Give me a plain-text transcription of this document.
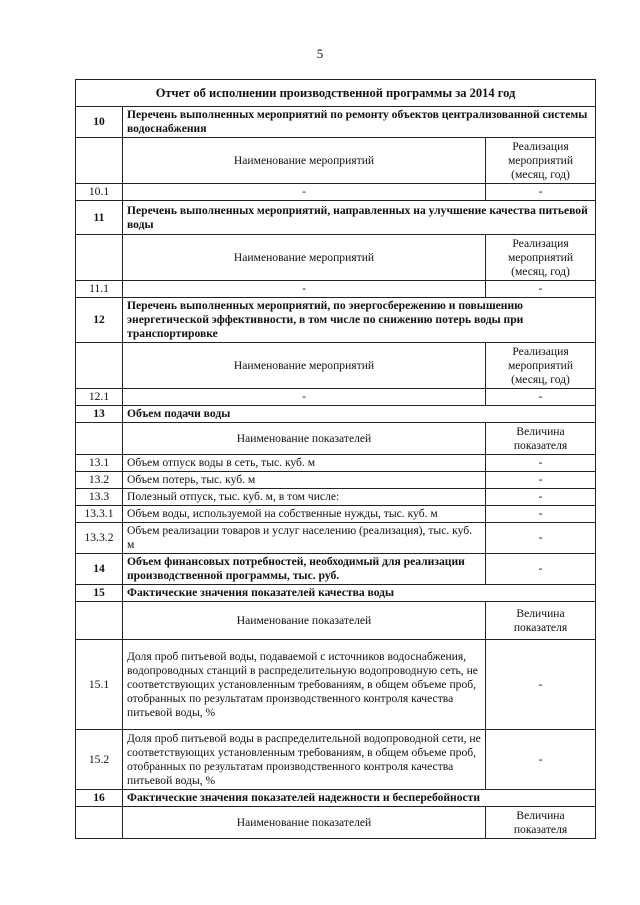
5
Отчет об исполнении производственной программы за 2014 год		
10	Перечень выполненных мероприятий по ремонту объектов централизованной системы водоснабжения	
	Наименование мероприятий	Реализация мероприятий (месяц, год)
10.1	-	-
11	Перечень выполненных мероприятий, направленных на улучшение качества питьевой воды	
	Наименование мероприятий	Реализация мероприятий (месяц, год)
11.1	-	-
12	Перечень выполненных мероприятий, по энергосбережению и повышению энергетической эффективности, в том числе по снижению потерь воды при транспортировке	
	Наименование мероприятий	Реализация мероприятий (месяц, год)
12.1	-	-
13	Объем подачи воды	
	Наименование показателей	Величина показателя
13.1	Объем отпуск воды в сеть, тыс. куб. м	-
13.2	Объем потерь, тыс. куб. м	-
13.3	Полезный отпуск, тыс. куб. м, в том числе:	-
13.3.1	Объем воды, используемой на собственные нужды, тыс. куб. м	-
13.3.2	Объем реализации товаров и услуг населению (реализация), тыс. куб. м	-
14	Объем финансовых потребностей, необходимый для реализации производственной программы, тыс. руб.	-
15	Фактические значения показателей качества воды	
	Наименование показателей	Величина показателя
15.1	Доля проб питьевой воды, подаваемой с источников водоснабжения, водопроводных станций в распределительную водопроводную сеть, не соответствующих установленным требованиям, в общем объеме проб, отобранных по результатам производственного контроля качества питьевой воды, %	-
15.2	Доля проб питьевой воды в распределительной водопроводной сети, не соответствующих установленным требованиям, в общем объеме проб, отобранных по результатам производственного контроля качества питьевой воды, %	-
16	Фактические значения показателей надежности и бесперебойности	
	Наименование показателей	Величина показателя
